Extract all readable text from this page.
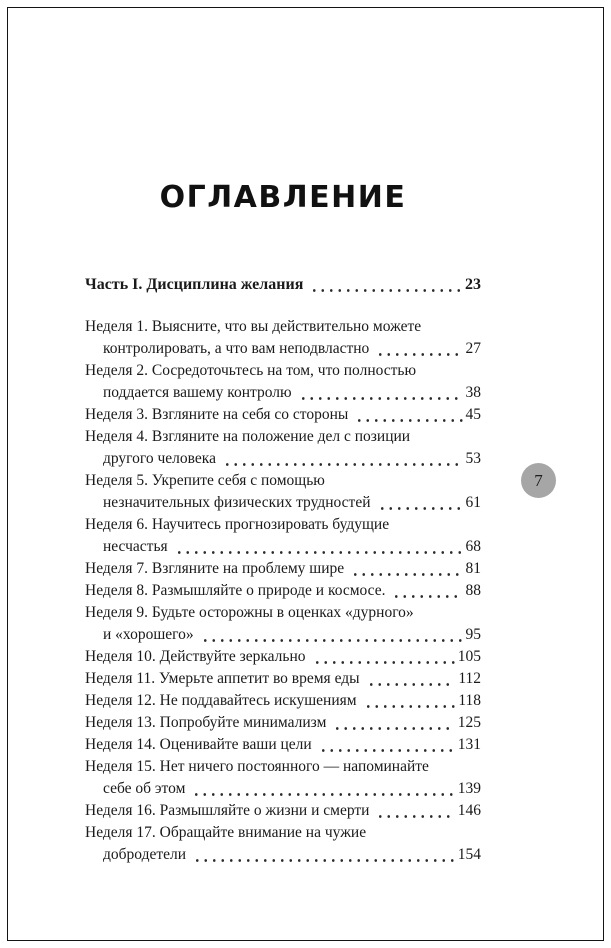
ОГЛАВЛЕНИЕ
Часть I. Дисциплина желания	23
Неделя 1. Выясните, что вы действительно можете
контролировать, а что вам неподвластно	27
Неделя 2. Сосредоточьтесь на том, что полностью
поддается вашему контролю	38
Неделя 3. Взгляните на себя со стороны	45
Неделя 4. Взгляните на положение дел с позиции
другого человека	53
Неделя 5. Укрепите себя с помощью
незначительных физических трудностей	61
Неделя 6. Научитесь прогнозировать будущие
несчастья	68
Неделя 7. Взгляните на проблему шире	81
Неделя 8. Размышляйте о природе и космосе.	88
Неделя 9. Будьте осторожны в оценках «дурного»
и «хорошего»	95
Неделя 10. Действуйте зеркально	105
Неделя 11. Умерьте аппетит во время еды	112
Неделя 12. Не поддавайтесь искушениям	118
Неделя 13. Попробуйте минимализм	125
Неделя 14. Оценивайте ваши цели	131
Неделя 15. Нет ничего постоянного — напоминайте
себе об этом	139
Неделя 16. Размышляйте о жизни и смерти	146
Неделя 17. Обращайте внимание на чужие
добродетели	154
7
